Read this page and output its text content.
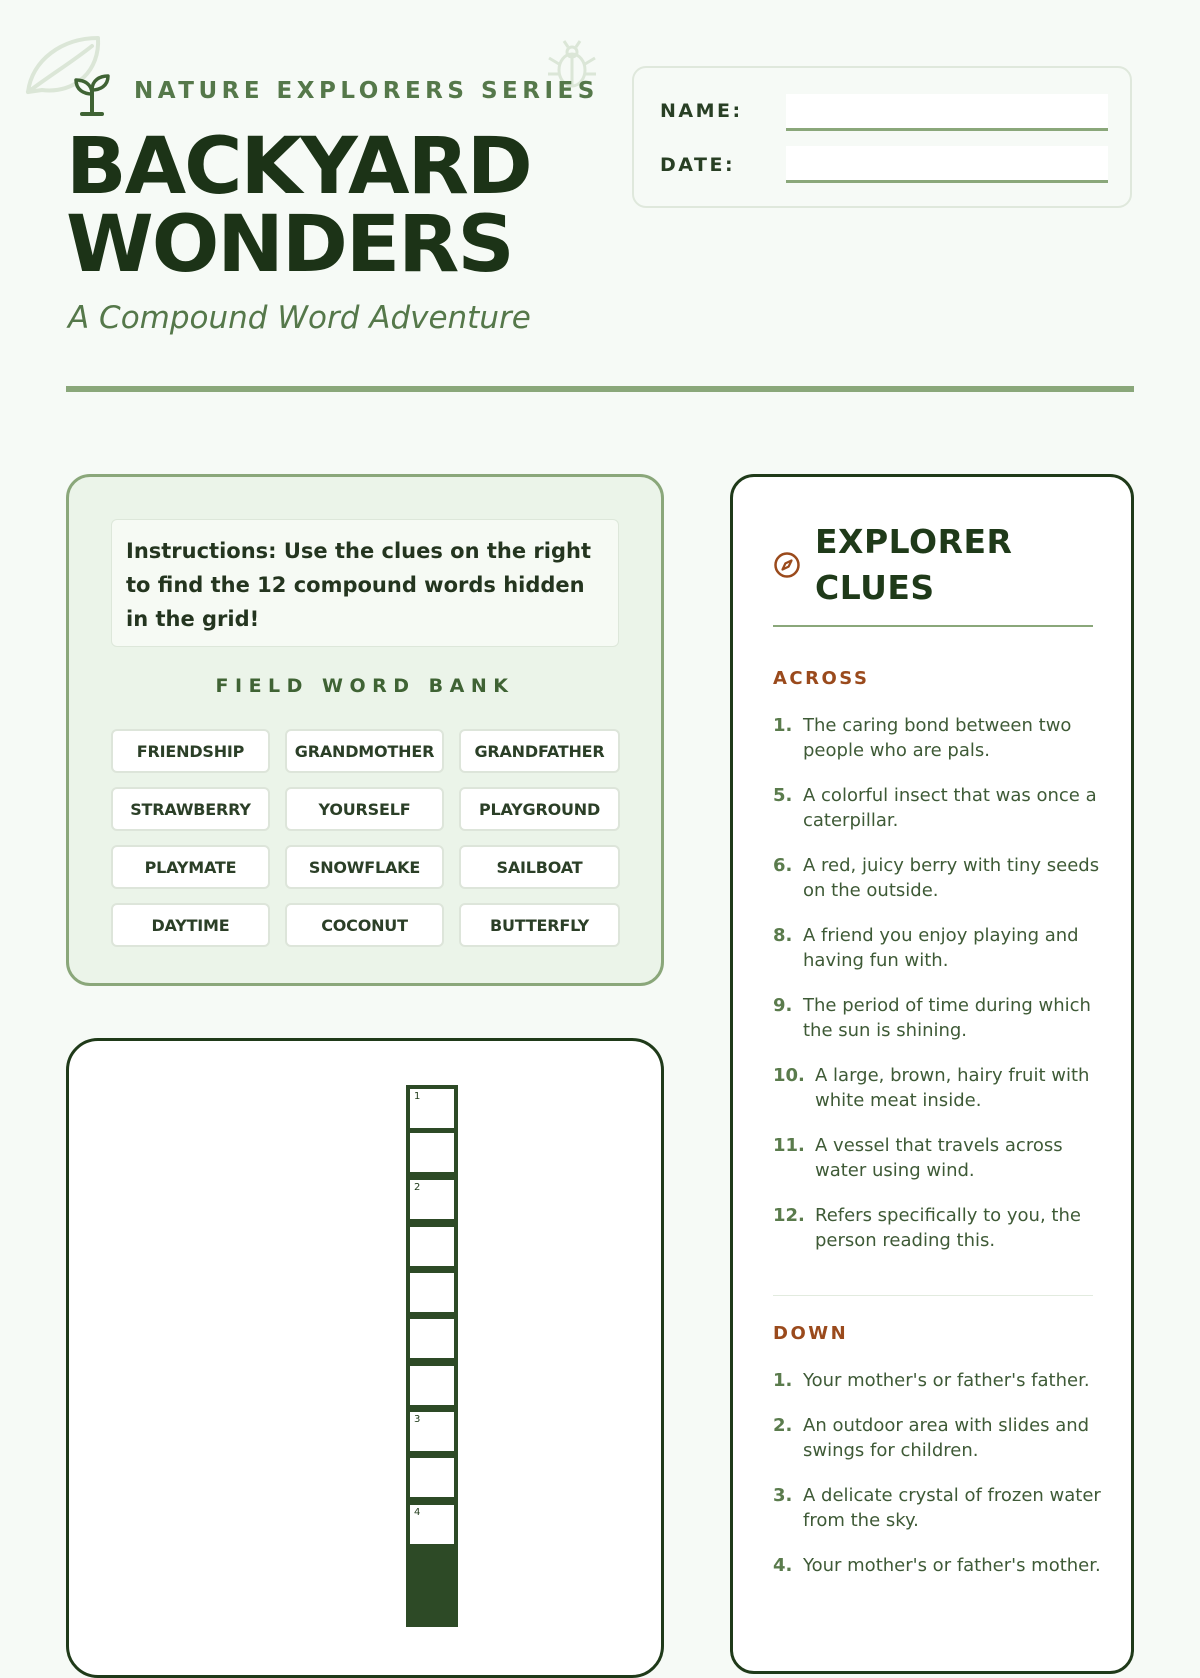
NATURE EXPLORERS SERIES
BACKYARD
WONDERS
A Compound Word Adventure
NAME:
DATE:
Instructions: Use the clues on the right to find the 12 compound words hidden in the grid!
FIELD WORD BANK
FRIENDSHIP	GRANDMOTHER	GRANDFATHER
STRAWBERRY	YOURSELF	PLAYGROUND
PLAYMATE	SNOWFLAKE	SAILBOAT
DAYTIME	COCONUT	BUTTERFLY
1
2
3
4
EXPLORER
CLUES
ACROSS
1. The caring bond between two people who are pals.
5. A colorful insect that was once a caterpillar.
6. A red, juicy berry with tiny seeds on the outside.
8. A friend you enjoy playing and having fun with.
9. The period of time during which the sun is shining.
10. A large, brown, hairy fruit with white meat inside.
11. A vessel that travels across water using wind.
12. Refers specifically to you, the person reading this.
DOWN
1. Your mother's or father's father.
2. An outdoor area with slides and swings for children.
3. A delicate crystal of frozen water from the sky.
4. Your mother's or father's mother.
